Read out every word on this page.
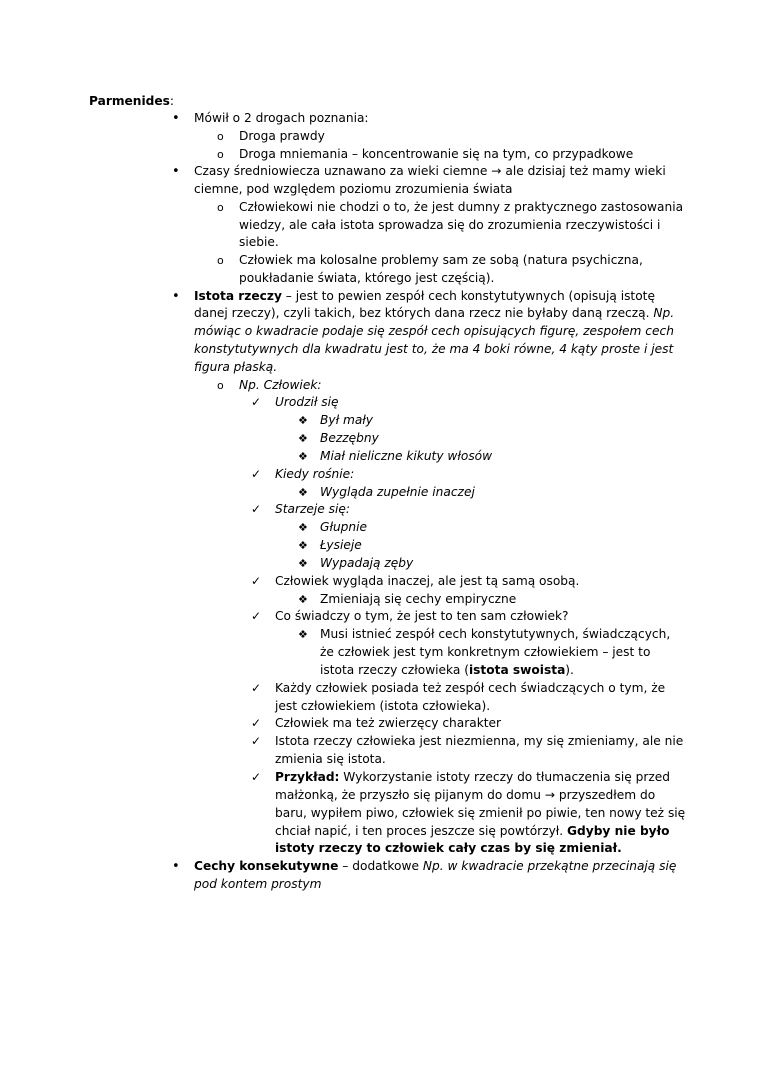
Parmenides:
• Mówił o 2 drogach poznania:
o Droga prawdy
o Droga mniemania – koncentrowanie się na tym, co przypadkowe
• Czasy średniowiecza uznawano za wieki ciemne → ale dzisiaj też mamy wieki
ciemne, pod względem poziomu zrozumienia świata
o Człowiekowi nie chodzi o to, że jest dumny z praktycznego zastosowania
wiedzy, ale cała istota sprowadza się do zrozumienia rzeczywistości i
siebie.
o Człowiek ma kolosalne problemy sam ze sobą (natura psychiczna,
poukładanie świata, którego jest częścią).
• Istota rzeczy – jest to pewien zespół cech konstytutywnych (opisują istotę
danej rzeczy), czyli takich, bez których dana rzecz nie byłaby daną rzeczą. Np.
mówiąc o kwadracie podaje się zespół cech opisujących figurę, zespołem cech
konstytutywnych dla kwadratu jest to, że ma 4 boki równe, 4 kąty proste i jest
figura płaską.
o Np. Człowiek:
✓ Urodził się
❖ Był mały
❖ Bezzębny
❖ Miał nieliczne kikuty włosów
✓ Kiedy rośnie:
❖ Wygląda zupełnie inaczej
✓ Starzeje się:
❖ Głupnie
❖ Łysieje
❖ Wypadają zęby
✓ Człowiek wygląda inaczej, ale jest tą samą osobą.
❖ Zmieniają się cechy empiryczne
✓ Co świadczy o tym, że jest to ten sam człowiek?
❖ Musi istnieć zespół cech konstytutywnych, świadczących,
że człowiek jest tym konkretnym człowiekiem – jest to
istota rzeczy człowieka (istota swoista).
✓ Każdy człowiek posiada też zespół cech świadczących o tym, że
jest człowiekiem (istota człowieka).
✓ Człowiek ma też zwierzęcy charakter
✓ Istota rzeczy człowieka jest niezmienna, my się zmieniamy, ale nie
zmienia się istota.
✓ Przykład: Wykorzystanie istoty rzeczy do tłumaczenia się przed
małżonką, że przyszło się pijanym do domu → przyszedłem do
baru, wypiłem piwo, człowiek się zmienił po piwie, ten nowy też się
chciał napić, i ten proces jeszcze się powtórzył. Gdyby nie było
istoty rzeczy to człowiek cały czas by się zmieniał.
• Cechy konsekutywne – dodatkowe Np. w kwadracie przekątne przecinają się
pod kontem prostym
